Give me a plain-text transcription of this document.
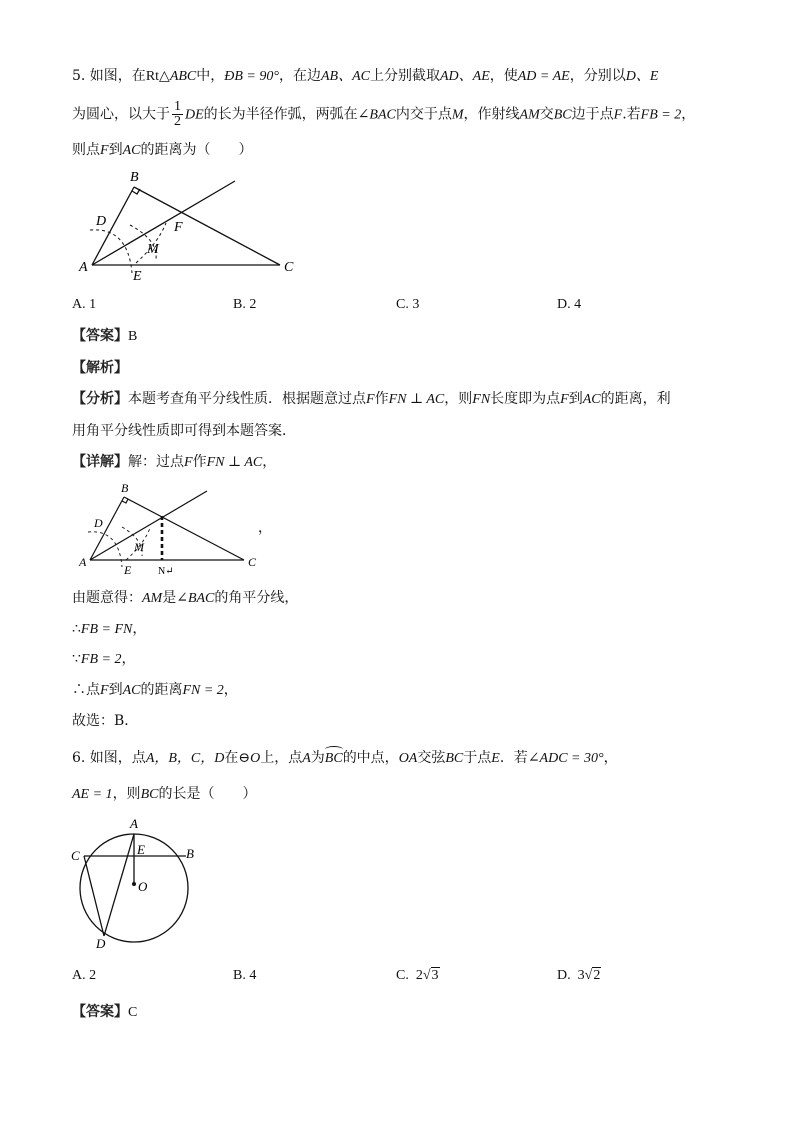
5. 如图，在Rt△ABC中，ÐB = 90°，在边AB、AC上分别截取AD、AE，使AD = AE，分别以D、E
为圆心，以大于 $\frac{1}{2}$ DE的长为半径作弧，两弧在∠BAC内交于点M，作射线AM交BC边于点F.若FB = 2，
则点F到AC的距离为（　　）
B
D	F
M
A
E
C
A. 1	B. 2	C. 3	D. 4
【答案】B
【解析】
【分析】本题考查角平分线性质．根据题意过点F作FN ⊥ AC，则FN长度即为点F到AC的距离，利
用角平分线性质即可得到本题答案．
【详解】解：过点F作FN ⊥ AC，
B
D
M
A
E	N↵
C
，
由题意得：AM是∠BAC的角平分线，
∴FB = FN，
∵FB = 2，
∴点F到AC的距离FN = 2，
故选：B．
6. 如图，点A，B，C，D在⊖O上，点A为BC的中点，OA交弦BC于点E．若∠ADC = 30°，
AE = 1，则BC的长是（　　）
A
E
C	B
O
D
A. 2	B. 4	C. 2√3	D. 3√2
【答案】C
